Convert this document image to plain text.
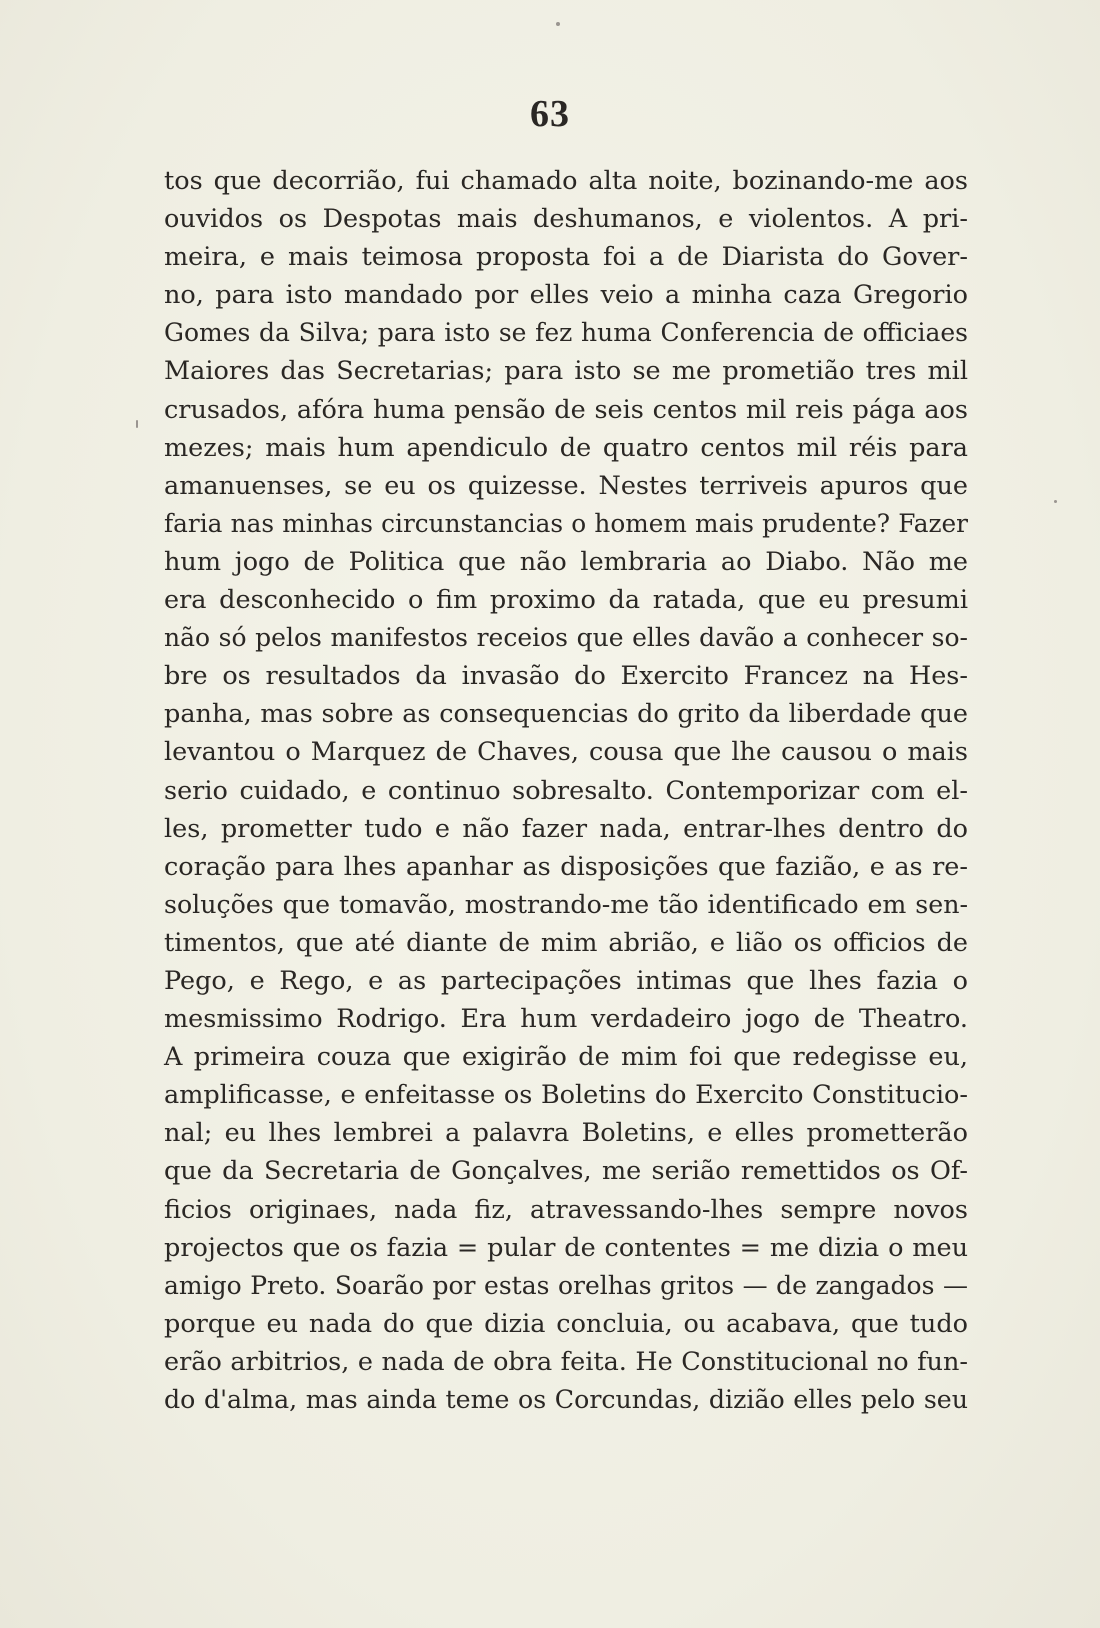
63
tos que decorrião, fui chamado alta noite, bozinando-me aos
ouvidos os Despotas mais deshumanos, e violentos. A pri-
meira, e mais teimosa proposta foi a de Diarista do Gover-
no, para isto mandado por elles veio a minha caza Gregorio
Gomes da Silva; para isto se fez huma Conferencia de officiaes
Maiores das Secretarias; para isto se me prometião tres mil
crusados, afóra huma pensão de seis centos mil reis pága aos
mezes; mais hum apendiculo de quatro centos mil réis para
amanuenses, se eu os quizesse. Nestes terriveis apuros que
faria nas minhas circunstancias o homem mais prudente? Fazer
hum jogo de Politica que não lembraria ao Diabo. Não me
era desconhecido o fim proximo da ratada, que eu presumi
não só pelos manifestos receios que elles davão a conhecer so-
bre os resultados da invasão do Exercito Francez na Hes-
panha, mas sobre as consequencias do grito da liberdade que
levantou o Marquez de Chaves, cousa que lhe causou o mais
serio cuidado, e continuo sobresalto. Contemporizar com el-
les, prometter tudo e não fazer nada, entrar-lhes dentro do
coração para lhes apanhar as disposições que fazião, e as re-
soluções que tomavão, mostrando-me tão identificado em sen-
timentos, que até diante de mim abrião, e lião os officios de
Pego, e Rego, e as partecipações intimas que lhes fazia o
mesmissimo Rodrigo. Era hum verdadeiro jogo de Theatro.
A primeira couza que exigirão de mim foi que redegisse eu,
amplificasse, e enfeitasse os Boletins do Exercito Constitucio-
nal; eu lhes lembrei a palavra Boletins, e elles prometterão
que da Secretaria de Gonçalves, me serião remettidos os Of-
ficios originaes, nada fiz, atravessando-lhes sempre novos
projectos que os fazia = pular de contentes = me dizia o meu
amigo Preto. Soarão por estas orelhas gritos — de zangados —
porque eu nada do que dizia concluia, ou acabava, que tudo
erão arbitrios, e nada de obra feita. He Constitucional no fun-
do d'alma, mas ainda teme os Corcundas, dizião elles pelo seu
